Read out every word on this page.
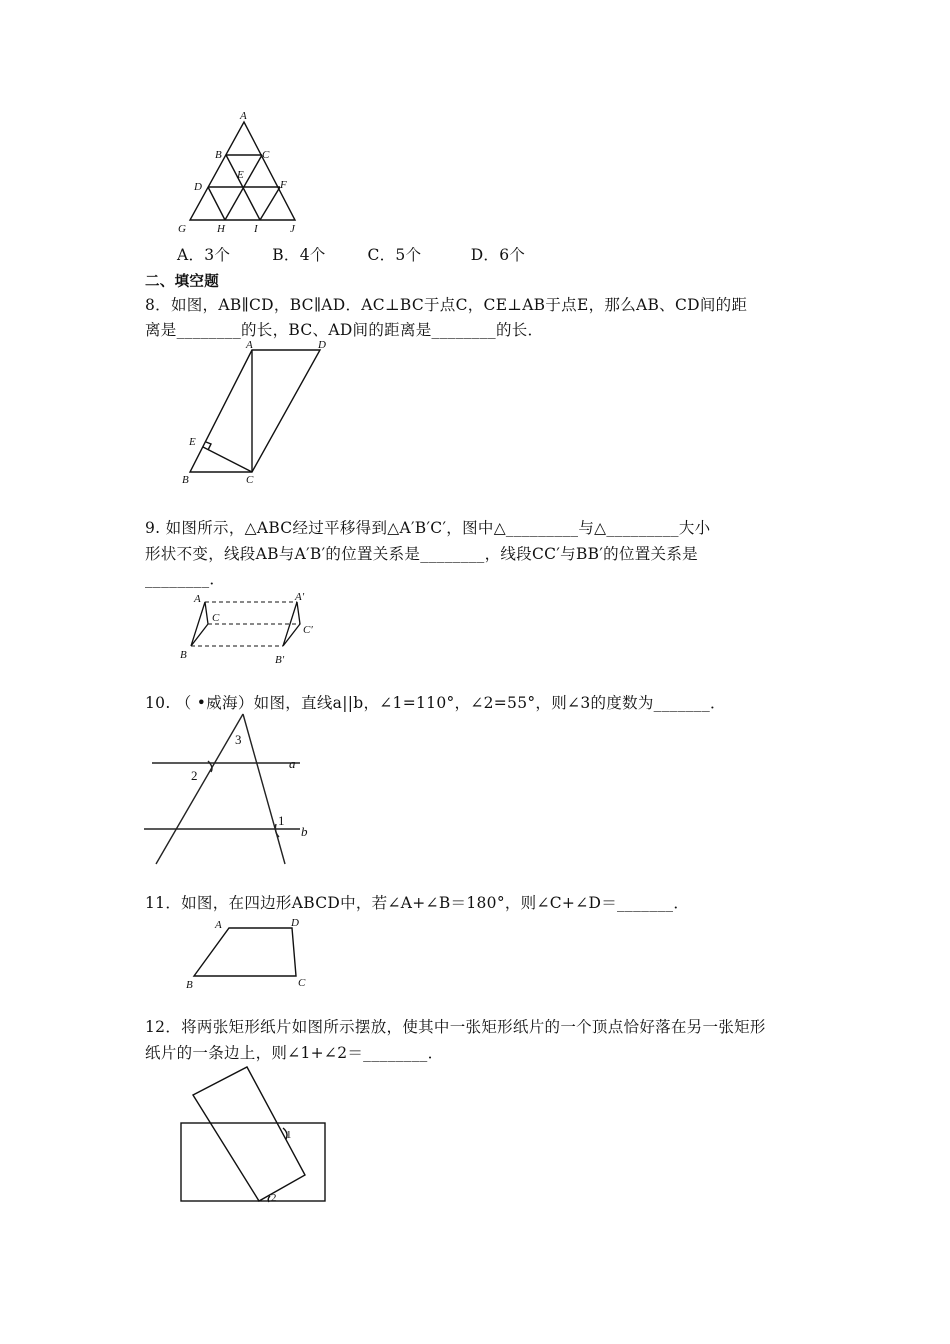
A
B	C
D
E
F
G	H	I	J
A．3个	B．4个	C．5个	D．6个
二、填空题
8．如图，AB∥CD，BC∥AD．AC⊥BC于点C，CE⊥AB于点E，那么AB、CD间的距
离是________的长，BC、AD间的距离是________的长．
A	D
E
B	C
9. 如图所示，△ABC经过平移得到△A′B′C′，图中△_________与△_________大小
形状不变，线段AB与A′B′的位置关系是________，线段CC′与BB′的位置关系是
________．
A
C
B
A′
C′
B′
10. （ •威海）如图，直线a||b，∠1=110°，∠2=55°，则∠3的度数为_______．
3
2
1
a
b
11．如图，在四边形ABCD中，若∠A+∠B＝180°，则∠C+∠D＝_______．
A	D
B	C
12．将两张矩形纸片如图所示摆放，使其中一张矩形纸片的一个顶点恰好落在另一张矩形
纸片的一条边上，则∠1+∠2＝________．
1
2
